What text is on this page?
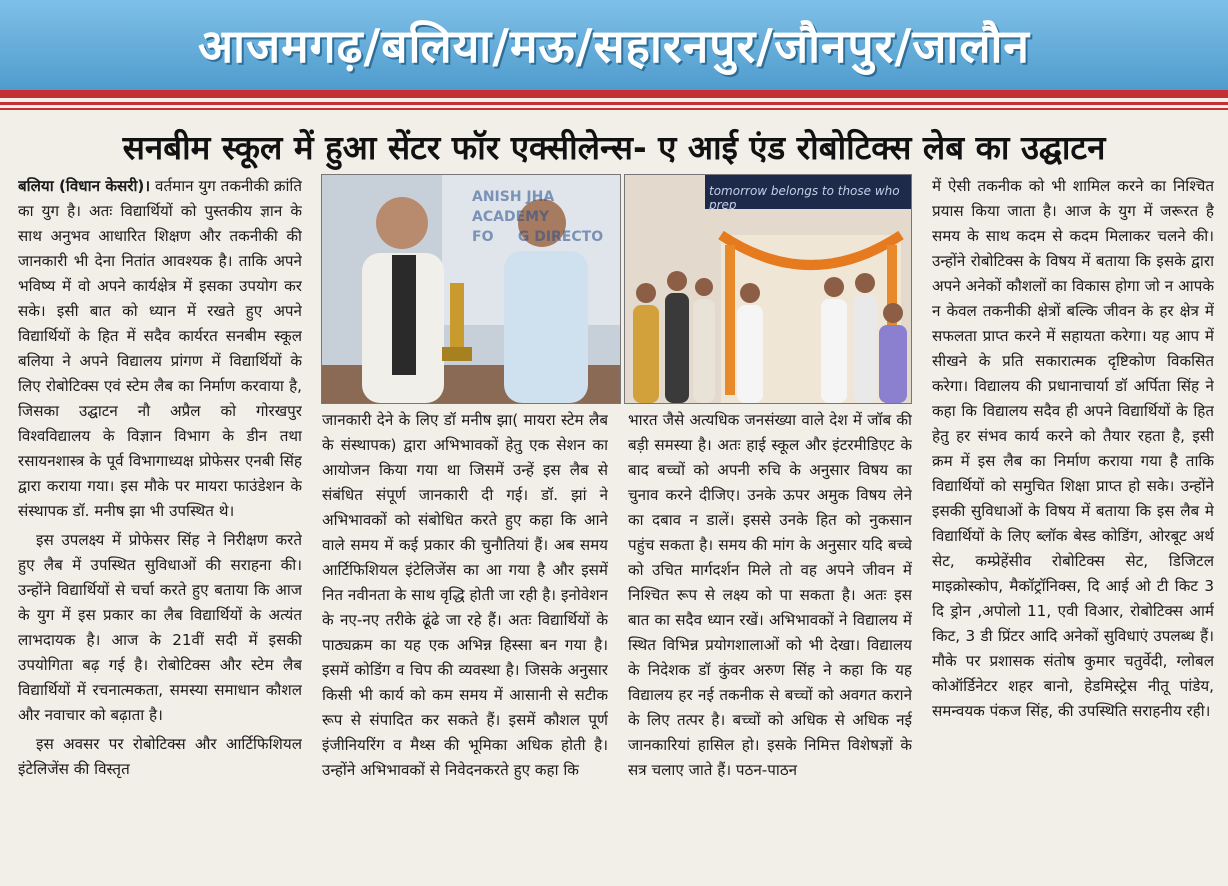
आजमगढ़/बलिया/मऊ/सहारनपुर/जौनपुर/जालौन
सनबीम स्कूल में हुआ सेंटर फॉर एक्सीलेन्स- ए आई एंड रोबोटिक्स लेब का उद्घाटन

बलिया (विधान केसरी)। वर्तमान युग तकनीकी क्रांति का युग है। अतः विद्यार्थियों को पुस्तकीय ज्ञान के साथ अनुभव आधारित शिक्षण और तकनीकी की जानकारी भी देना नितांत आवश्यक है। ताकि अपने भविष्य में वो अपने कार्यक्षेत्र में इसका उपयोग कर सके। इसी बात को ध्यान में रखते हुए अपने विद्यार्थियों के हित में सदैव कार्यरत सनबीम स्कूल बलिया ने अपने विद्यालय प्रांगण में विद्यार्थियों के लिए रोबोटिक्स एवं स्टेम लैब का निर्माण करवाया है, जिसका उद्घाटन नौ अप्रैल को गोरखपुर विश्वविद्यालय के विज्ञान विभाग के डीन तथा रसायनशास्त्र के पूर्व विभागाध्यक्ष प्रोफेसर एनबी सिंह द्वारा कराया गया। इस मौके पर मायरा फाउंडेशन के संस्थापक डॉ. मनीष झा भी उपस्थित थे।

इस उपलक्ष्य में प्रोफेसर सिंह ने निरीक्षण करते हुए लैब में उपस्थित सुविधाओं की सराहना की। उन्होंने विद्यार्थियों से चर्चा करते हुए बताया कि आज के युग में इस प्रकार का लैब विद्यार्थियों के अत्यंत लाभदायक है। आज के 21वीं सदी में इसकी उपयोगिता बढ़ गई है। रोबोटिक्स और स्टेम लैब विद्यार्थियों में रचनात्मकता, समस्या समाधान कौशल और नवाचार को बढ़ाता है।

इस अवसर पर रोबोटिक्स और आर्टिफिशियल इंटेलिजेंस की विस्तृत

ANISH JHA
ACADEMY
FO     G DIRECTO
tomorrow belongs to those who prep

जानकारी देने के लिए डॉ मनीष झा( मायरा स्टेम लैब के संस्थापक) द्वारा अभिभावकों हेतु एक सेशन का आयोजन किया गया था जिसमें उन्हें इस लैब से संबंधित संपूर्ण जानकारी दी गई। डॉ. झां ने अभिभावकों को संबोधित करते हुए कहा कि आने वाले समय में कई प्रकार की चुनौतियां हैं। अब समय आर्टिफिशियल इंटेलिजेंस का आ गया है और इसमें नित नवीनता के साथ वृद्धि होती जा रही है। इनोवेशन के नए-नए तरीके ढूंढे जा रहे हैं। अतः विद्यार्थियों के पाठ्यक्रम का यह एक अभिन्न हिस्सा बन गया है। इसमें कोडिंग व चिप की व्यवस्था है। जिसके अनुसार किसी भी कार्य को कम समय में आसानी से सटीक रूप से संपादित कर सकते हैं। इसमें कौशल पूर्ण इंजीनियरिंग व मैथ्स की भूमिका अधिक होती है। उन्होंने अभिभावकों से निवेदनकरते हुए कहा कि

भारत जैसे अत्यधिक जनसंख्या वाले देश में जॉब की बड़ी समस्या है। अतः हाई स्कूल और इंटरमीडिएट के बाद बच्चों को अपनी रुचि के अनुसार विषय का चुनाव करने दीजिए। उनके ऊपर अमुक विषय लेने का दबाव न डालें। इससे उनके हित को नुकसान पहुंच सकता है। समय की मांग के अनुसार यदि बच्चे को उचित मार्गदर्शन मिले तो वह अपने जीवन में निश्चित रूप से लक्ष्य को पा सकता है। अतः इस बात का सदैव ध्यान रखें। अभिभावकों ने विद्यालय में स्थित विभिन्न प्रयोगशालाओं को भी देखा। विद्यालय के निदेशक डॉ कुंवर अरुण सिंह ने कहा कि यह विद्यालय हर नई तकनीक से बच्चों को अवगत कराने के लिए तत्पर है। बच्चों को अधिक से अधिक नई जानकारियां हासिल हो। इसके निमित्त विशेषज्ञों के सत्र चलाए जाते हैं। पठन-पाठन

में ऐसी तकनीक को भी शामिल करने का निश्चित प्रयास किया जाता है। आज के युग में जरूरत है समय के साथ कदम से कदम मिलाकर चलने की। उन्होंने रोबोटिक्स के विषय में बताया कि इसके द्वारा अपने अनेकों कौशलों का विकास होगा जो न आपके न केवल तकनीकी क्षेत्रों बल्कि जीवन के हर क्षेत्र में सफलता प्राप्त करने में सहायता करेगा। यह आप में सीखने के प्रति सकारात्मक दृष्टिकोण विकसित करेगा। विद्यालय की प्रधानाचार्या डॉ अर्पिता सिंह ने कहा कि विद्यालय सदैव ही अपने विद्यार्थियों के हित हेतु हर संभव कार्य करने को तैयार रहता है, इसी क्रम में इस लैब का निर्माण कराया गया है ताकि विद्यार्थियों को समुचित शिक्षा प्राप्त हो सके। उन्होंने इसकी सुविधाओं के विषय में बताया कि इस लैब मे विद्यार्थियों के लिए ब्लॉक बेस्ड कोडिंग, ओरबूट अर्थ सेट, कम्प्रेहेंसीव रोबोटिक्स सेट, डिजिटल माइक्रोस्कोप, मैकॉट्रॉनिक्स, दि आई ओ टी किट 3 दि ड्रोन ,अपोलो 11, एवी विआर, रोबोटिक्स आर्म किट, 3 डी प्रिंटर आदि अनेकों सुविधाएं उपलब्ध हैं। मौके पर प्रशासक संतोष कुमार चतुर्वेदी, ग्लोबल कोऑर्डिनेटर शहर बानो, हेडमिस्ट्रेस नीतू पांडेय, समन्वयक पंकज सिंह, की उपस्थिति सराहनीय रही।
